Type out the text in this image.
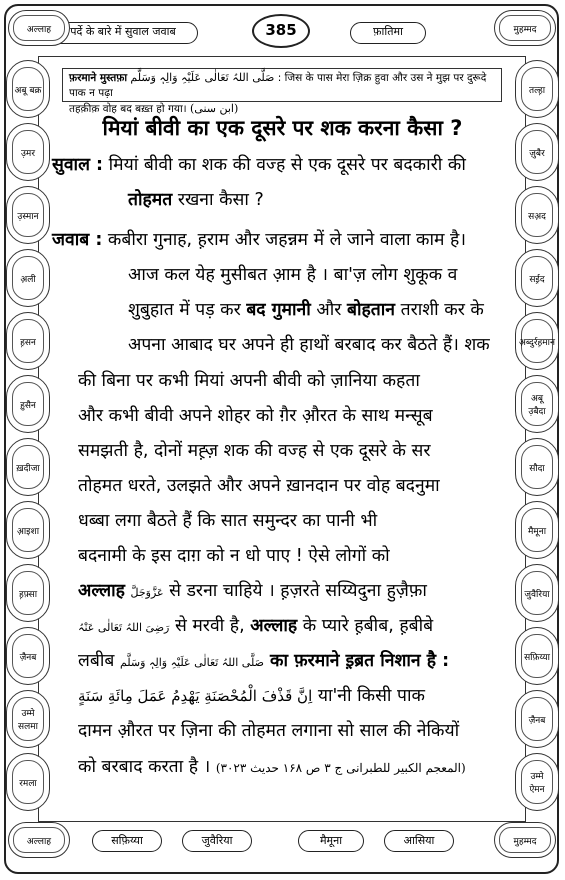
पर्दे के बारे में सुवाल जवाब	385	फ़ातिमा
अल्लाह	मुहम्मद
फ़रमाने मुस्तफ़ा صَلَّی اللہُ تَعَالٰی عَلَیْہِ وَالِہٖ وَسَلَّم : जिस के पास मेरा ज़िक्र हुवा और उस ने मुझ पर दुरूदे पाक न पढ़ा
तहक़ीक़ वोह बद बख़्त हो गया। (ابن سنی)
मियां बीवी का एक दूसरे पर शक करना कैसा ?
सुवाल : मियां बीवी का शक की वज्ह से एक दूसरे पर बदकारी की
तोहमत रखना कैसा ?
जवाब : कबीरा गुनाह, ह़राम और जहन्नम में ले जाने वाला काम है।
आज कल येह मुसीबत आ़म है । बा'ज़ लोग शुकूक व
शुबुहात में पड़ कर बद गुमानी और बोहतान तराशी कर के
अपना आबाद घर अपने ही हाथों बरबाद कर बैठते हैं। शक
की बिना पर कभी मियां अपनी बीवी को ज़ानिया कहता
और कभी बीवी अपने शोहर को ग़ैर औ़रत के साथ मन्सूब
समझती है, दोनों मह़्ज़ शक की वज्ह से एक दूसरे के सर
तोहमत धरते, उलझते और अपने ख़ानदान पर वोह बदनुमा
धब्बा लगा बैठते हैं कि सात समुन्दर का पानी भी
बदनामी के इस दाग़ को न धो पाए ! ऐसे लोगों को
अल्लाह عَزَّوَجَلَّ से डरना चाहिये । ह़ज़रते सय्यिदुना हुज़ैफ़ा
رَضِیَ اللہُ تَعَالٰی عَنْہُ से मरवी है, अल्लाह के प्यारे ह़बीब, ह़बीबे
लबीब صَلَّی اللہُ تَعَالٰی عَلَیْہِ وَالِہٖ وَسَلَّم का फ़रमाने इ़ब्रत निशान है :
اِنَّ قَذْفَ الْمُحْصَنَةِ يَهْدِمُ عَمَلَ مِائَةِ سَنَةٍ या'नी किसी पाक
दामन औ़रत पर ज़िना की तोहमत लगाना सो साल की नेकियों
को बरबाद करता है । (المعجم الکبیر للطبرانی ج ۳ ص ۱۶۸ حدیث ۳۰۲۳)
अबू बक्र
उ़मर
उ़स्मान
अ़ली
ह़सन
ह़ुसैन
ख़दीजा
आ़इशा
ह़फ़्सा
ज़ैनब
उम्मे सलमा
रमला
तल्ह़ा
ज़ुबैर
सअ़द
सई़द
अ़ब्दुर्रह़मान
अबू उ़बैदा
सौदा
मैमूना
जुवैरिया
सफ़िय्या
ज़ैनब
उम्मे ऐमन
सफ़िय्या	जुवैरिया	मैमूना	आसिया
अल्लाह	मुहम्मद
